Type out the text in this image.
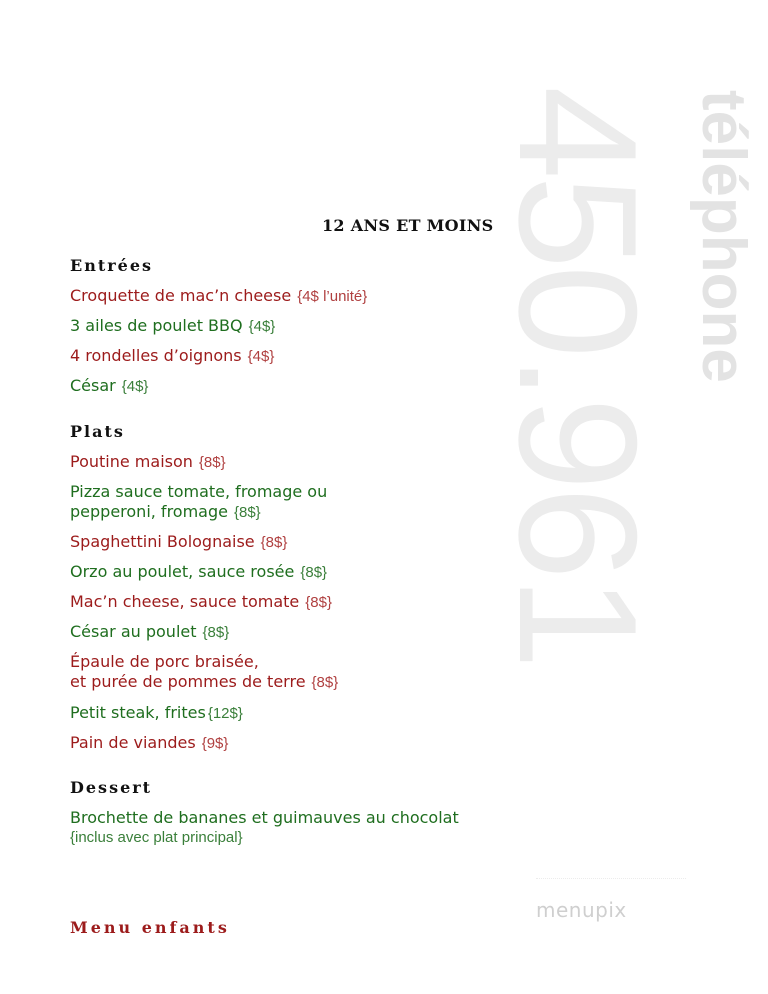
450.961 téléphone
12 ANS ET MOINS
Entrées
Croquette de mac’n cheese {4$ l’unité}
3 ailes de poulet BBQ {4$}
4 rondelles d’oignons {4$}
César {4$}
Plats
Poutine maison {8$}
Pizza sauce tomate, fromage ou
pepperoni, fromage {8$}
Spaghettini Bolognaise {8$}
Orzo au poulet, sauce rosée {8$}
Mac’n cheese, sauce tomate {8$}
César au poulet {8$}
Épaule de porc braisée,
et purée de pommes de terre {8$}
Petit steak, frites {12$}
Pain de viandes {9$}
Dessert
Brochette de bananes et guimauves au chocolat
{inclus avec plat principal}
Menu enfants
menupix
